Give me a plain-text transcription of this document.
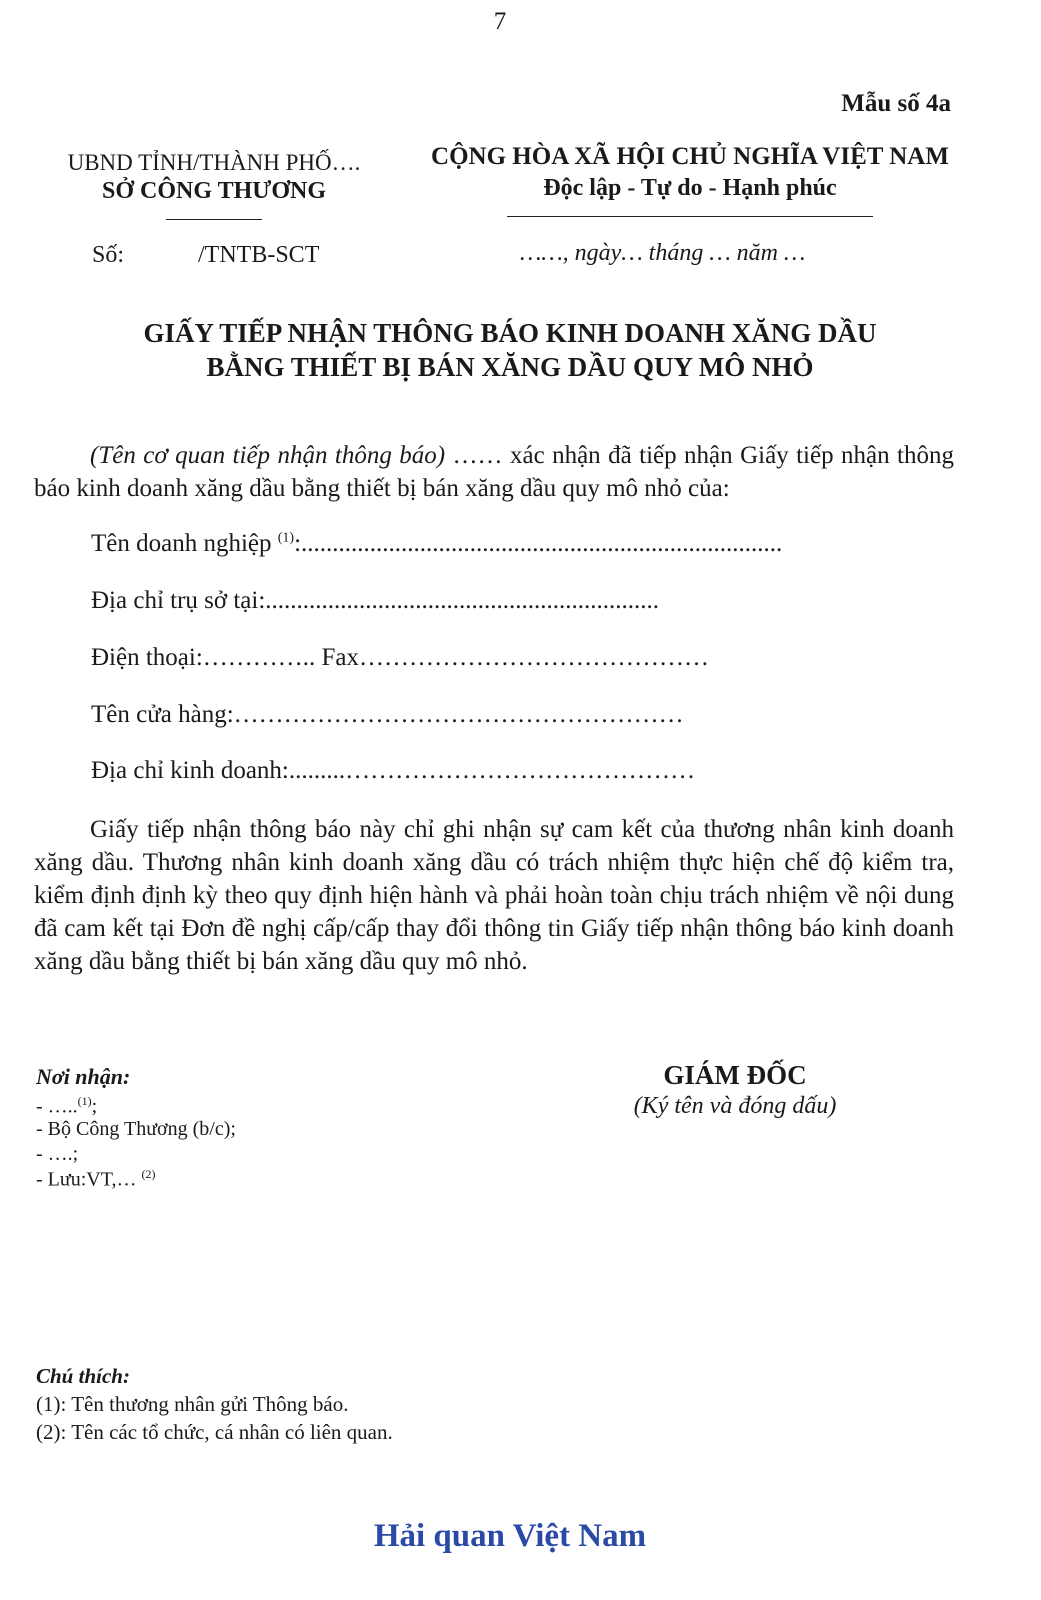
7
Mẫu số 4a
UBND TỈNH/THÀNH PHỐ….
SỞ CÔNG THƯƠNG
CỘNG HÒA XÃ HỘI CHỦ NGHĨA VIỆT NAM
Độc lập - Tự do - Hạnh phúc
Số:	/TNTB-SCT	……, ngày… tháng … năm …
GIẤY TIẾP NHẬN THÔNG BÁO KINH DOANH XĂNG DẦU
BẰNG THIẾT BỊ BÁN XĂNG DẦU QUY MÔ NHỎ
(Tên cơ quan tiếp nhận thông báo) …… xác nhận đã tiếp nhận Giấy tiếp nhận thông báo kinh doanh xăng dầu bằng thiết bị bán xăng dầu quy mô nhỏ của:
Tên doanh nghiệp $^{(1)}$:.............................................................................
Địa chỉ trụ sở tại:...............................................................
Điện thoại:………….. Fax……………………………………
Tên cửa hàng:………………………………………………
Địa chỉ kinh doanh:.........……………………………………
Giấy tiếp nhận thông báo này chỉ ghi nhận sự cam kết của thương nhân kinh doanh xăng dầu. Thương nhân kinh doanh xăng dầu có trách nhiệm thực hiện chế độ kiểm tra, kiểm định định kỳ theo quy định hiện hành và phải hoàn toàn chịu trách nhiệm về nội dung đã cam kết tại Đơn đề nghị cấp/cấp thay đổi thông tin Giấy tiếp nhận thông báo kinh doanh xăng dầu bằng thiết bị bán xăng dầu quy mô nhỏ.
Nơi nhận:
- …..$^{(1)}$;
- Bộ Công Thương (b/c);
- ….;
- Lưu:VT,… $^{(2)}$
GIÁM ĐỐC
(Ký tên và đóng dấu)
Chú thích:
(1): Tên thương nhân gửi Thông báo.
(2): Tên các tổ chức, cá nhân có liên quan.
Hải quan Việt Nam
